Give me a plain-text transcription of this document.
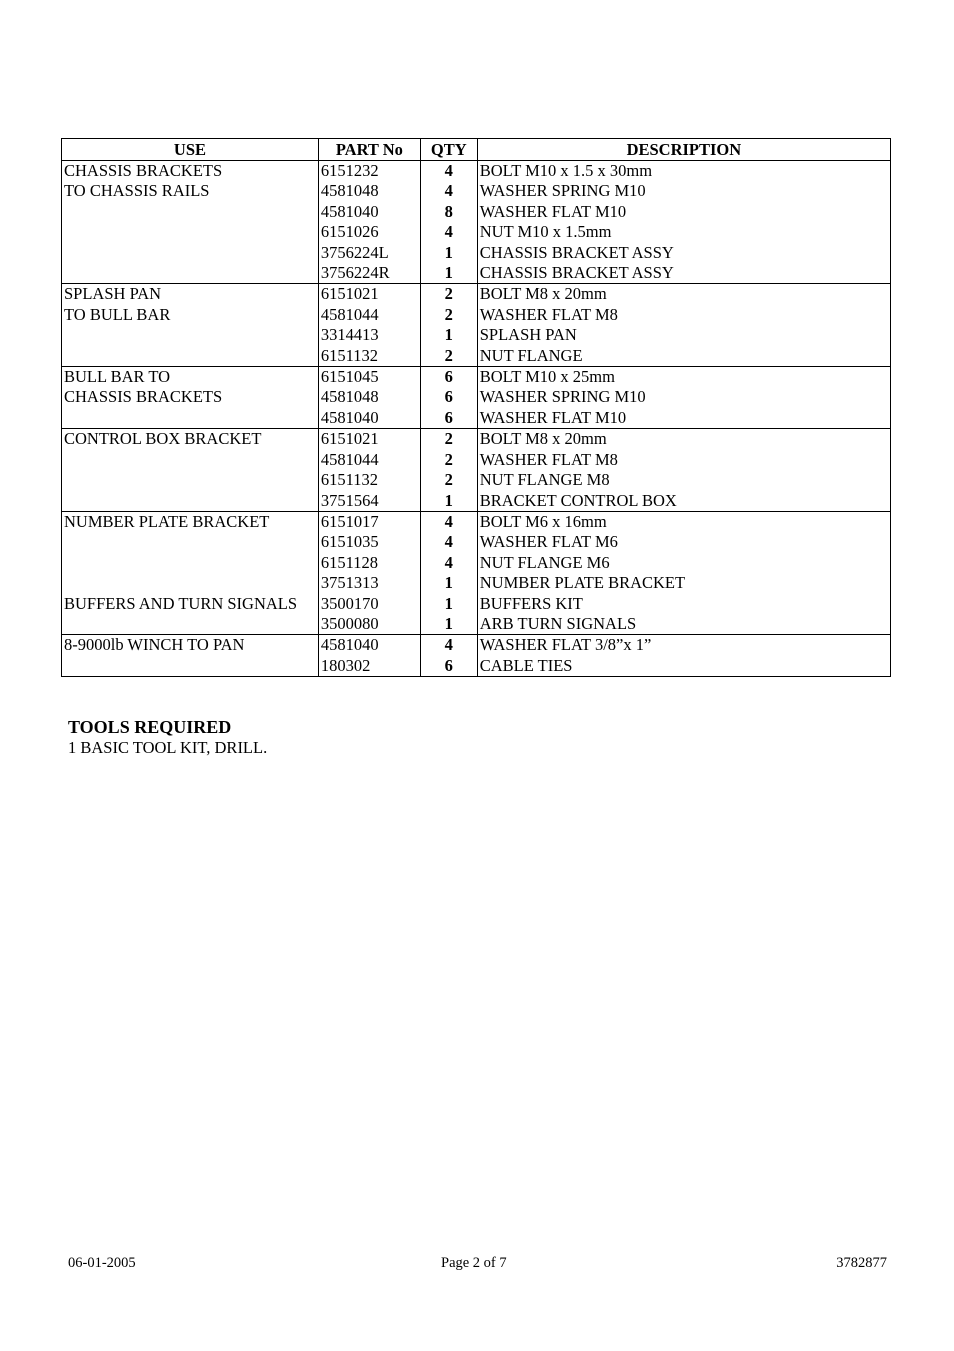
USE	PART No	QTY	DESCRIPTION
CHASSIS BRACKETS	6151232	4	BOLT M10 x 1.5 x 30mm
TO CHASSIS RAILS	4581048	4	WASHER SPRING M10
	4581040	8	WASHER FLAT M10
	6151026	4	NUT M10 x 1.5mm
	3756224L	1	CHASSIS BRACKET ASSY
	3756224R	1	CHASSIS BRACKET ASSY
SPLASH PAN	6151021	2	BOLT M8 x 20mm
TO BULL BAR	4581044	2	WASHER FLAT M8
	3314413	1	SPLASH PAN
	6151132	2	NUT FLANGE
BULL BAR TO	6151045	6	BOLT M10 x 25mm
CHASSIS BRACKETS	4581048	6	WASHER SPRING M10
	4581040	6	WASHER FLAT M10
CONTROL BOX BRACKET	6151021	2	BOLT M8 x 20mm
	4581044	2	WASHER FLAT M8
	6151132	2	NUT FLANGE M8
	3751564	1	BRACKET CONTROL BOX
NUMBER PLATE BRACKET	6151017	4	BOLT M6 x 16mm
	6151035	4	WASHER FLAT M6
	6151128	4	NUT FLANGE M6
	3751313	1	NUMBER PLATE BRACKET
BUFFERS AND TURN SIGNALS	3500170	1	BUFFERS KIT
	3500080	1	ARB TURN SIGNALS
8-9000lb WINCH TO PAN	4581040	4	WASHER FLAT 3/8”x 1”
	180302	6	CABLE TIES
TOOLS REQUIRED
1 BASIC TOOL KIT, DRILL.
06-01-2005	Page 2 of 7	3782877
